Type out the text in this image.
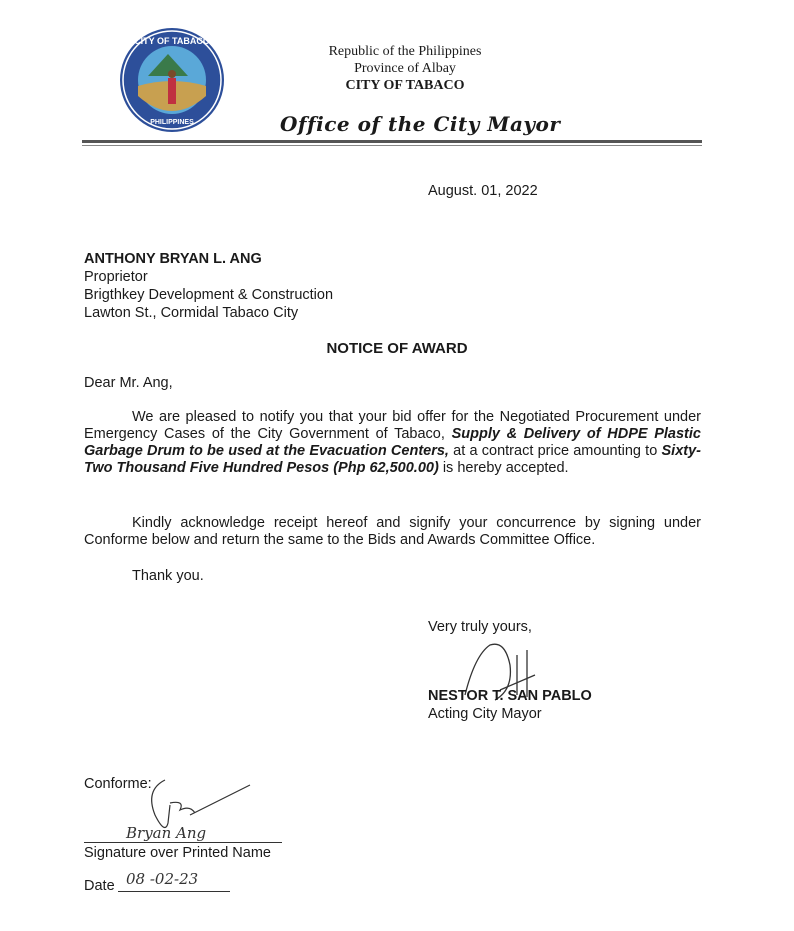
CITY OF TABACO
PHILIPPINES
Republic of the Philippines
Province of Albay
CITY OF TABACO
Office of the City Mayor
August. 01, 2022
ANTHONY BRYAN L. ANG
Proprietor
Brigthkey Development & Construction
Lawton St., Cormidal Tabaco City
NOTICE OF AWARD
Dear Mr. Ang,

We are pleased to notify you that your bid offer for the Negotiated Procurement under Emergency Cases of the City Government of Tabaco, Supply & Delivery of HDPE Plastic Garbage Drum to be used at the Evacuation Centers, at a contract price amounting to Sixty-Two Thousand Five Hundred Pesos (Php 62,500.00) is hereby accepted.

Kindly acknowledge receipt hereof and signify your concurrence by signing under Conforme below and return the same to the Bids and Awards Committee Office.

Thank you.
Very truly yours,
NESTOR T. SAN PABLO
Acting City Mayor
Conforme:
Bryan Ang
Signature over Printed Name
Date 08 -02-23
